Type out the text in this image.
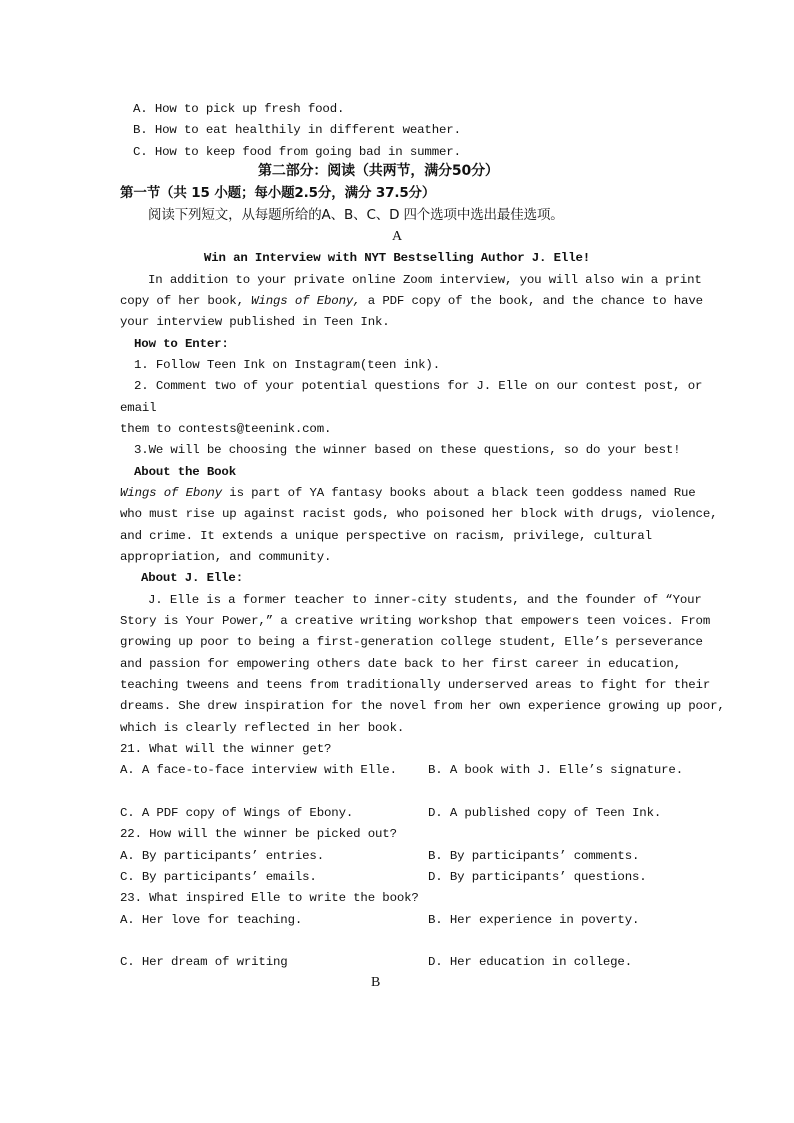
A. How to pick up fresh food.
B. How to eat healthily in different weather.
C. How to keep food from going bad in summer.
第二部分：阅读（共两节，满分50分）
第一节（共 15 小题；每小题2.5分，满分 37.5分）
阅读下列短文，从每题所给的A、B、C、D 四个选项中选出最佳选项。
A
Win an Interview with NYT Bestselling Author J. Elle!
In addition to your private online Zoom interview, you will also win a print
copy of her book, Wings of Ebony, a PDF copy of the book, and the chance to have
your interview published in Teen Ink.
How to Enter:
1. Follow Teen Ink on Instagram(teen ink).
2. Comment two of your potential questions for J. Elle on our contest post, or
email
them to contests@teenink.com.
3.We will be choosing the winner based on these questions, so do your best!
About the Book
Wings of Ebony is part of YA fantasy books about a black teen goddess named Rue
who must rise up against racist gods, who poisoned her block with drugs, violence,
and crime. It extends a unique perspective on racism, privilege, cultural
appropriation, and community.
About J. Elle:
J. Elle is a former teacher to inner-city students, and the founder of “Your
Story is Your Power,” a creative writing workshop that empowers teen voices. From
growing up poor to being a first-generation college student, Elle’s perseverance
and passion for empowering others date back to her first career in education,
teaching tweens and teens from traditionally underserved areas to fight for their
dreams. She drew inspiration for the novel from her own experience growing up poor,
which is clearly reflected in her book.
21. What will the winner get?
A. A face-to-face interview with Elle.	B. A book with J. Elle’s signature.
C. A PDF copy of Wings of Ebony.	D. A published copy of Teen Ink.
22. How will the winner be picked out?
A. By participants’ entries.	B. By participants’ comments.
C. By participants’ emails.	D. By participants’ questions.
23. What inspired Elle to write the book?
A. Her love for teaching.	B. Her experience in poverty.
C. Her dream of writing	D. Her education in college.
B
